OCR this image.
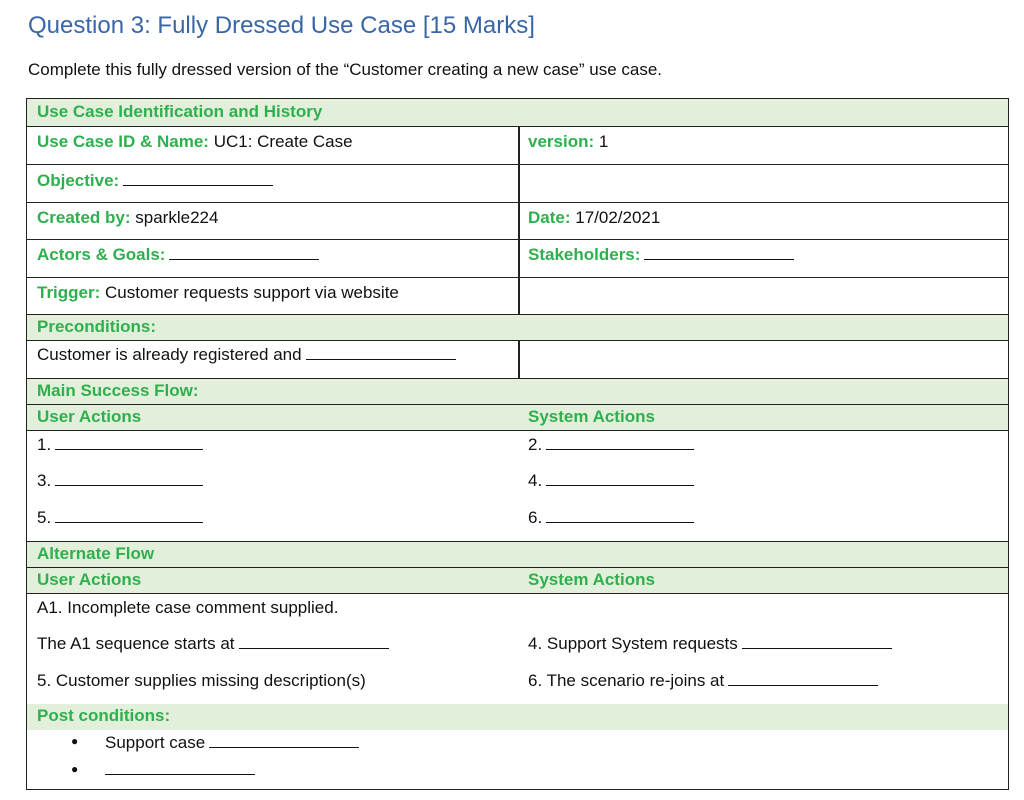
Question 3: Fully Dressed Use Case [15 Marks]
Complete this fully dressed version of the “Customer creating a new case” use case.
Use Case Identification and History
Use Case ID & Name: UC1: Create Case	version: 1
Objective:
Created by: sparkle224	Date: 17/02/2021
Actors & Goals:	Stakeholders:
Trigger: Customer requests support via website
Preconditions:
Customer is already registered and
Main Success Flow:
User Actions	System Actions
1.	2.
3.	4.
5.	6.
Alternate Flow
User Actions	System Actions
A1. Incomplete case comment supplied.
The A1 sequence starts at	4. Support System requests
5. Customer supplies missing description(s)	6. The scenario re-joins at
Post conditions:
● Support case
●
